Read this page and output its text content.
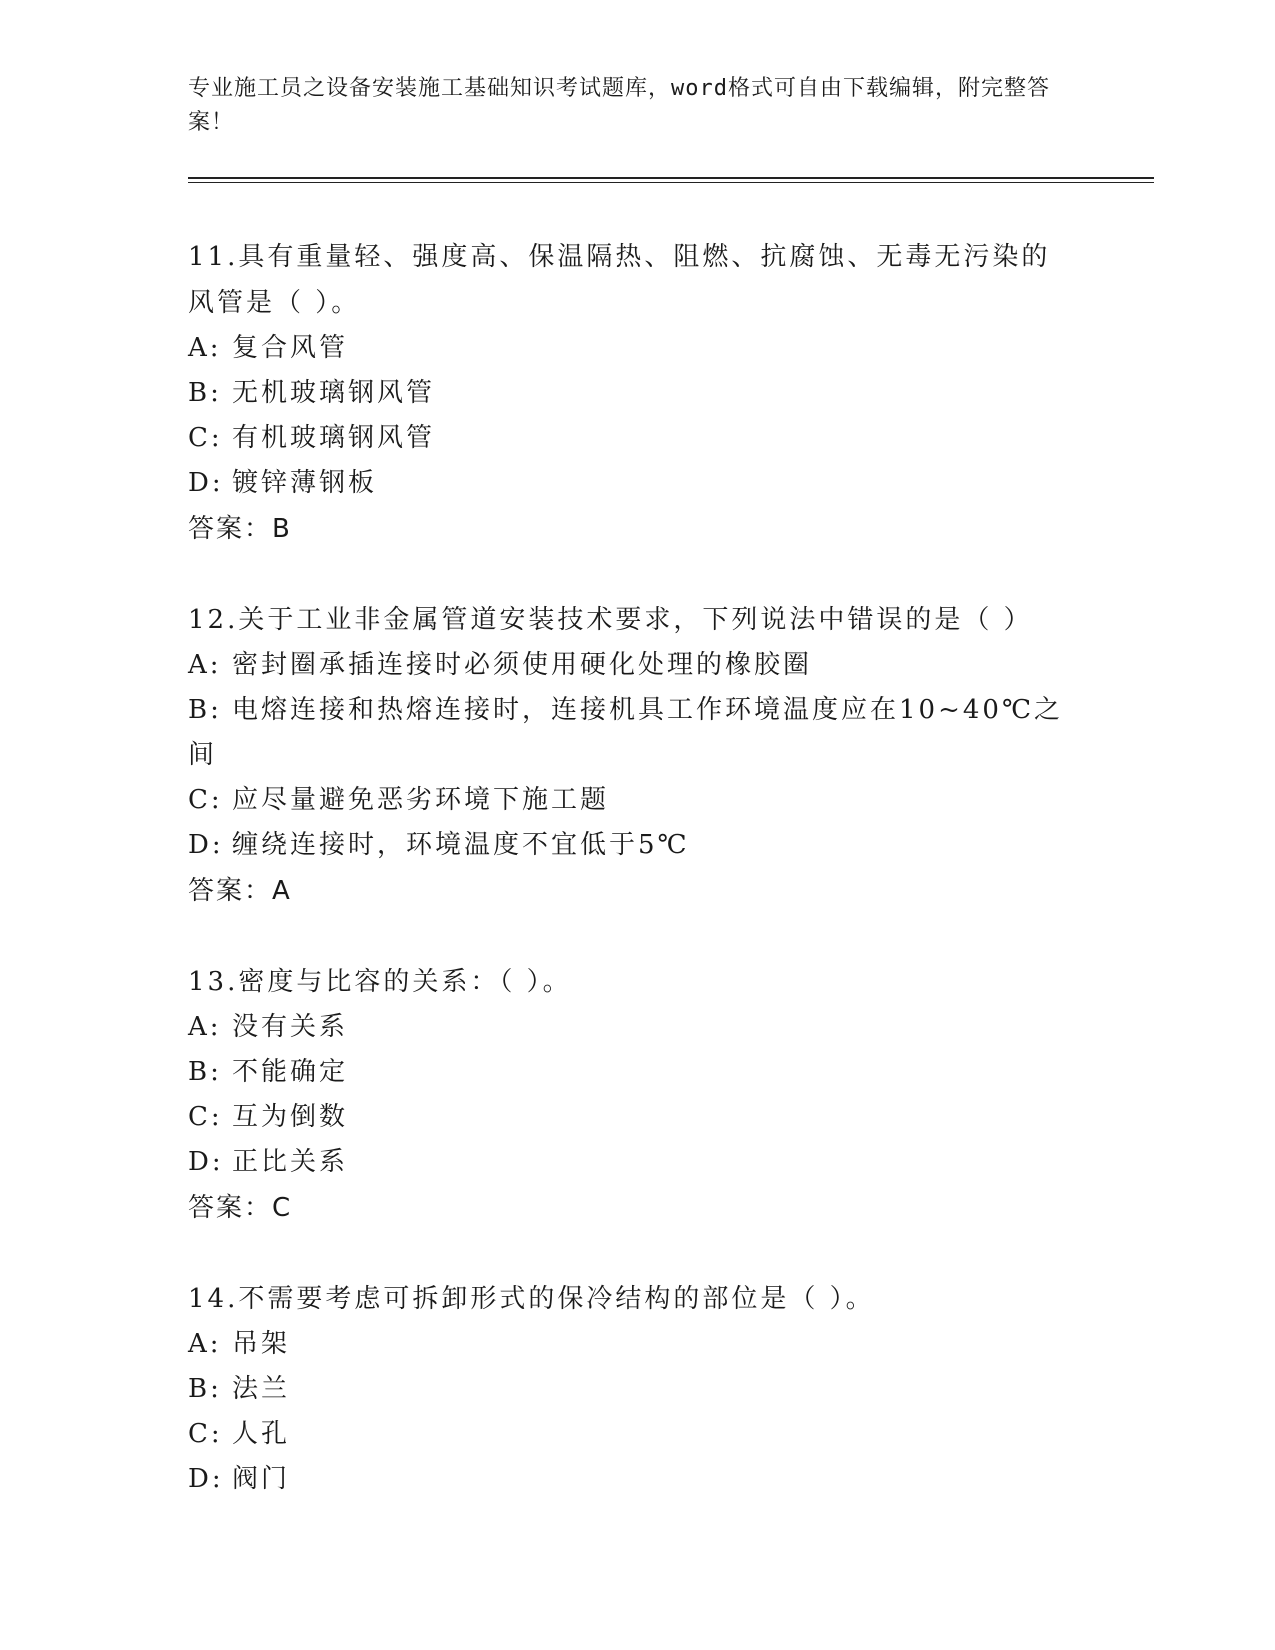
专业施工员之设备安装施工基础知识考试题库，word格式可自由下载编辑，附完整答案！

11.具有重量轻、强度高、保温隔热、阻燃、抗腐蚀、无毒无污染的风管是（ ）。

A: 复合风管

B: 无机玻璃钢风管

C: 有机玻璃钢风管

D: 镀锌薄钢板

答案：B

12.关于工业非金属管道安装技术要求，下列说法中错误的是（ ）

A: 密封圈承插连接时必须使用硬化处理的橡胶圈

B: 电熔连接和热熔连接时，连接机具工作环境温度应在10~40℃之间

C: 应尽量避免恶劣环境下施工题

D: 缠绕连接时，环境温度不宜低于5℃

答案：A

13.密度与比容的关系：（ ）。

A: 没有关系

B: 不能确定

C: 互为倒数

D: 正比关系

答案：C

14.不需要考虑可拆卸形式的保冷结构的部位是（ ）。

A: 吊架

B: 法兰

C: 人孔

D: 阀门
